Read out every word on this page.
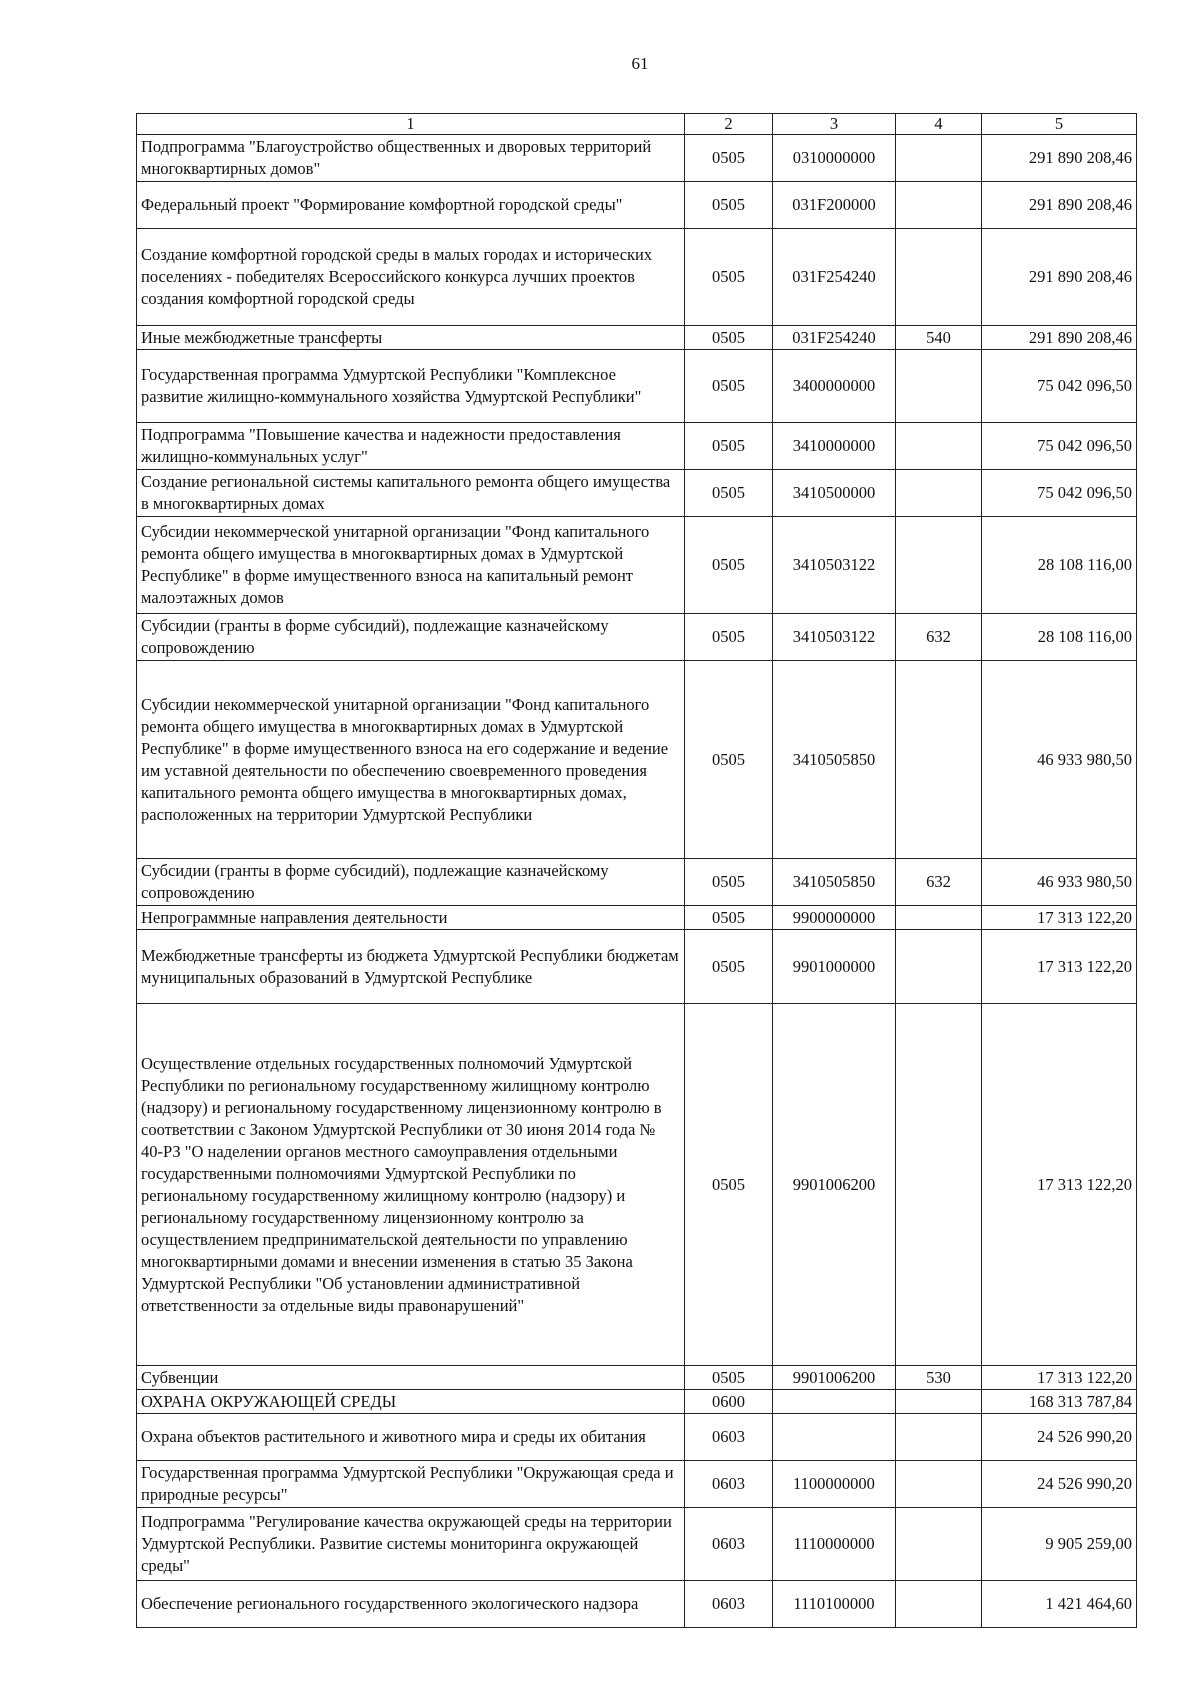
61
1	2	3	4	5
Подпрограмма "Благоустройство общественных и дворовых территорий многоквартирных домов"	0505	0310000000		291 890 208,46
Федеральный проект "Формирование комфортной городской среды"	0505	031F200000		291 890 208,46
Создание комфортной городской среды в малых городах и исторических поселениях - победителях Всероссийского конкурса лучших проектов создания комфортной городской среды	0505	031F254240		291 890 208,46
Иные межбюджетные трансферты	0505	031F254240	540	291 890 208,46
Государственная программа Удмуртской Республики "Комплексное развитие жилищно-коммунального хозяйства Удмуртской Республики"	0505	3400000000		75 042 096,50
Подпрограмма "Повышение качества и надежности предоставления жилищно-коммунальных услуг"	0505	3410000000		75 042 096,50
Создание региональной системы капитального ремонта общего имущества в многоквартирных домах	0505	3410500000		75 042 096,50
Субсидии некоммерческой унитарной организации "Фонд капитального ремонта общего имущества в многоквартирных домах в Удмуртской Республике" в форме имущественного взноса на капитальный ремонт малоэтажных домов	0505	3410503122		28 108 116,00
Субсидии (гранты в форме субсидий), подлежащие казначейскому сопровождению	0505	3410503122	632	28 108 116,00
Субсидии некоммерческой унитарной организации "Фонд капитального ремонта общего имущества в многоквартирных домах в Удмуртской Республике" в форме имущественного взноса на его содержание и ведение им уставной деятельности по обеспечению своевременного проведения капитального ремонта общего имущества в многоквартирных домах, расположенных на территории Удмуртской Республики	0505	3410505850		46 933 980,50
Субсидии (гранты в форме субсидий), подлежащие казначейскому сопровождению	0505	3410505850	632	46 933 980,50
Непрограммные направления деятельности	0505	9900000000		17 313 122,20
Межбюджетные трансферты из бюджета Удмуртской Республики бюджетам муниципальных образований в Удмуртской Республике	0505	9901000000		17 313 122,20
Осуществление отдельных государственных полномочий Удмуртской Республики по региональному государственному жилищному контролю (надзору) и региональному государственному лицензионному контролю в соответствии с Законом Удмуртской Республики от 30 июня 2014 года № 40-РЗ "О наделении органов местного самоуправления отдельными государственными полномочиями Удмуртской Республики по региональному государственному жилищному контролю (надзору) и региональному государственному лицензионному контролю за осуществлением предпринимательской деятельности по управлению многоквартирными домами и внесении изменения в статью 35 Закона Удмуртской Республики "Об установлении административной ответственности за отдельные виды правонарушений"	0505	9901006200		17 313 122,20
Субвенции	0505	9901006200	530	17 313 122,20
ОХРАНА ОКРУЖАЮЩЕЙ СРЕДЫ	0600			168 313 787,84
Охрана объектов растительного и животного мира и среды их обитания	0603			24 526 990,20
Государственная программа Удмуртской Республики "Окружающая среда и природные ресурсы"	0603	1100000000		24 526 990,20
Подпрограмма "Регулирование качества окружающей среды на территории Удмуртской Республики. Развитие системы мониторинга окружающей среды"	0603	1110000000		9 905 259,00
Обеспечение регионального государственного экологического надзора	0603	1110100000		1 421 464,60
